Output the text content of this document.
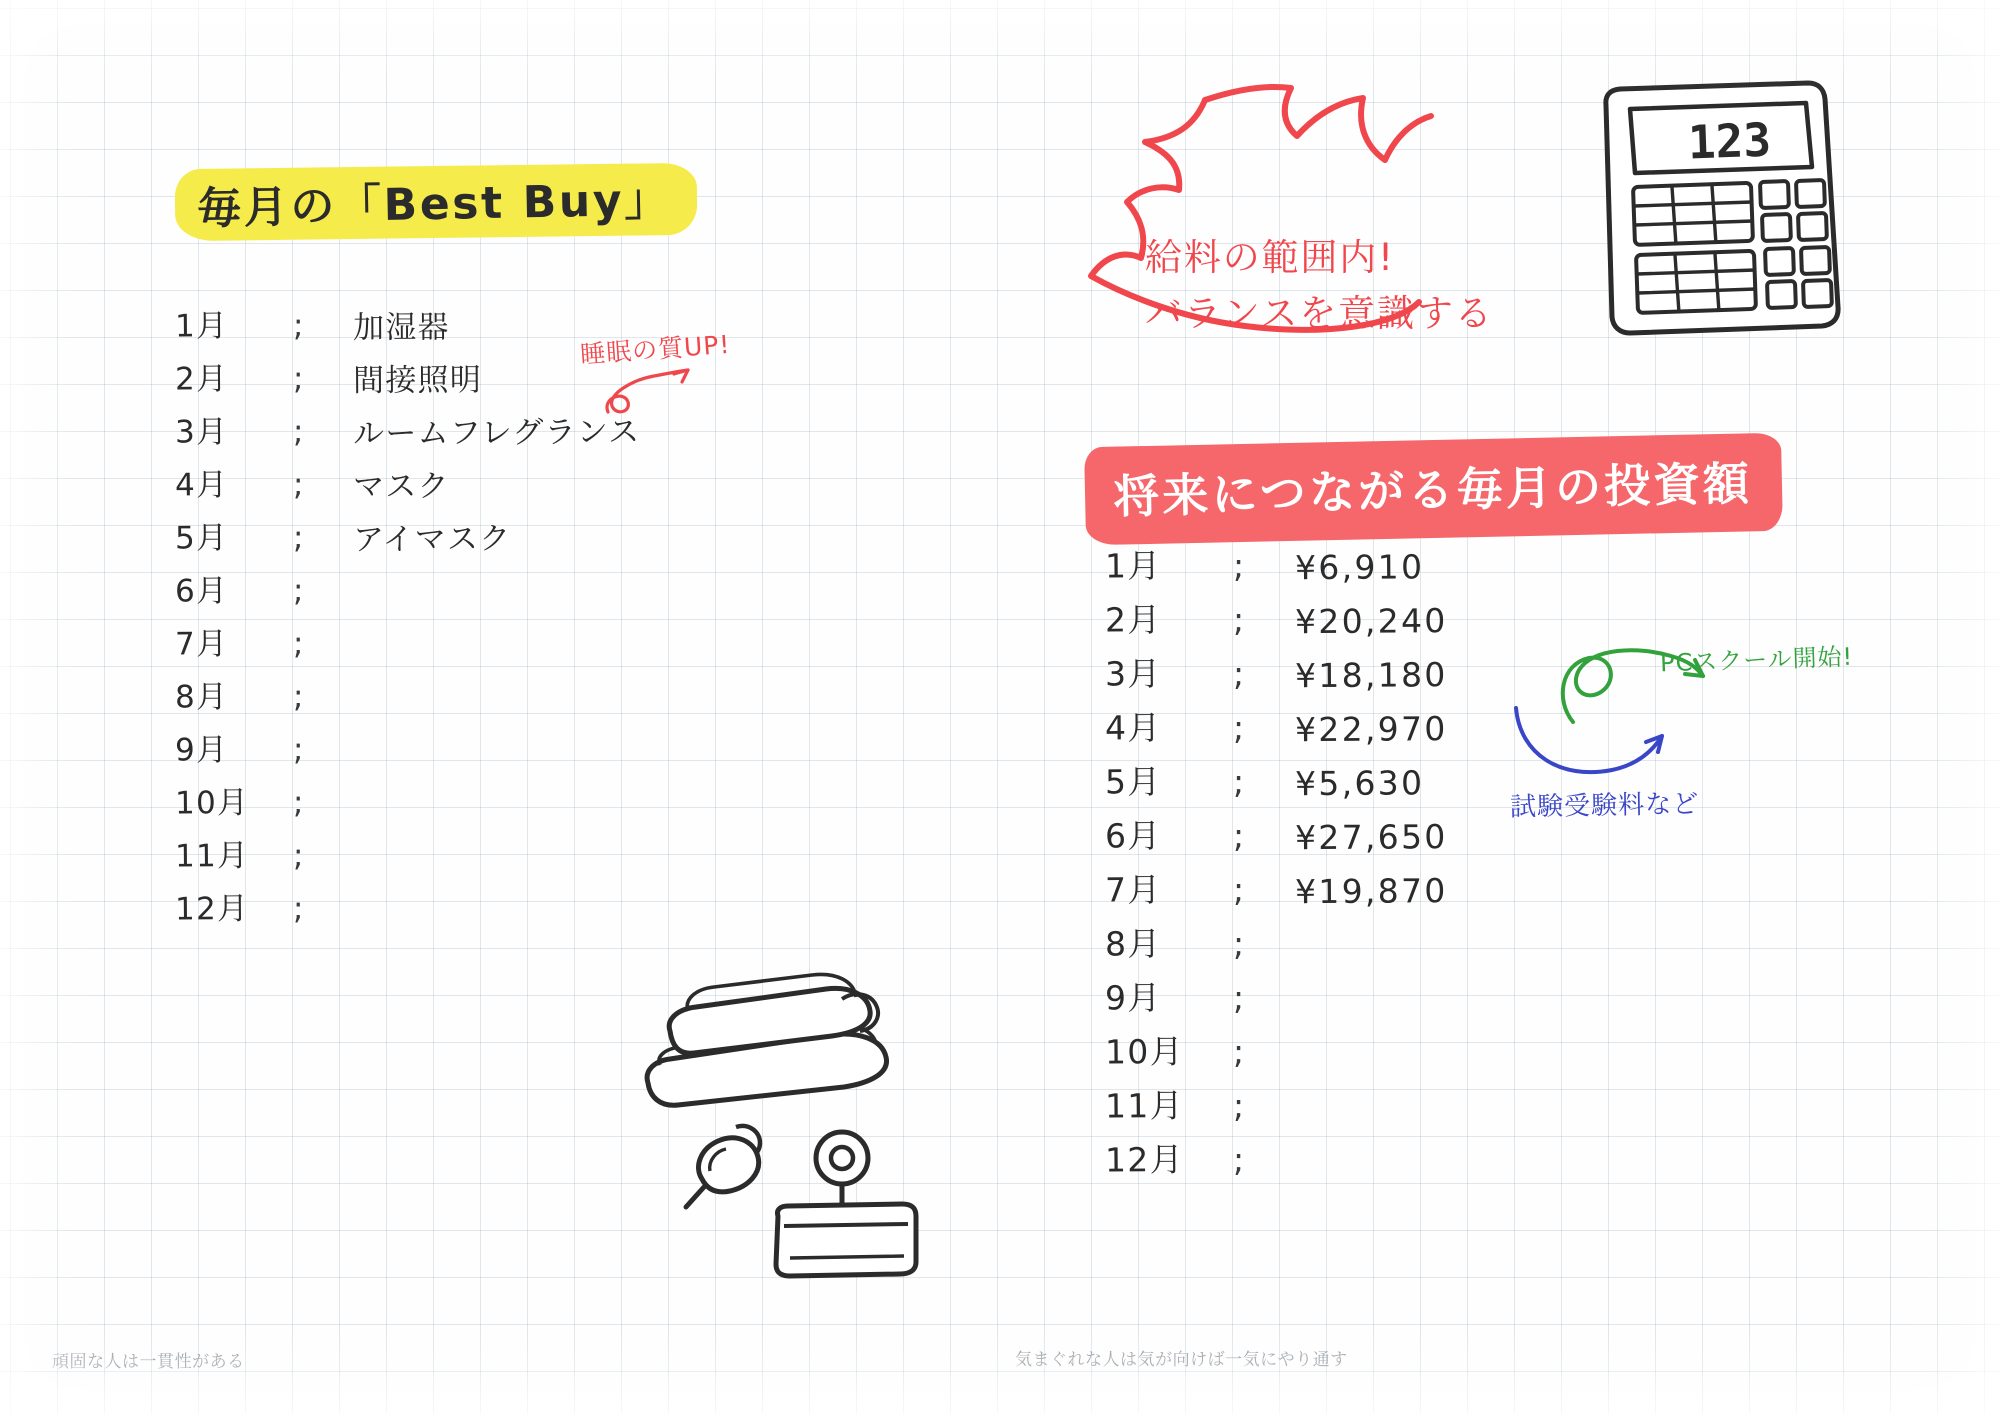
毎月の「Best Buy」
1月	;	加湿器
2月	;	間接照明
3月	;	ルームフレグランス
4月	;	マスク
5月	;	アイマスク
6月	;
7月	;
8月	;
9月	;
10月	;
11月	;
12月	;
睡眠の質UP!
給料の範囲内!
バランスを意識する
123
将来につながる毎月の投資額
1月	;	¥6,910
2月	;	¥20,240
3月	;	¥18,180
4月	;	¥22,970
5月	;	¥5,630
6月	;	¥27,650
7月	;	¥19,870
8月	;
9月	;
10月	;
11月	;
12月	;
PCスクール開始!
試験受験料など
頑固な人は一貫性がある	気まぐれな人は気が向けば一気にやり通す
